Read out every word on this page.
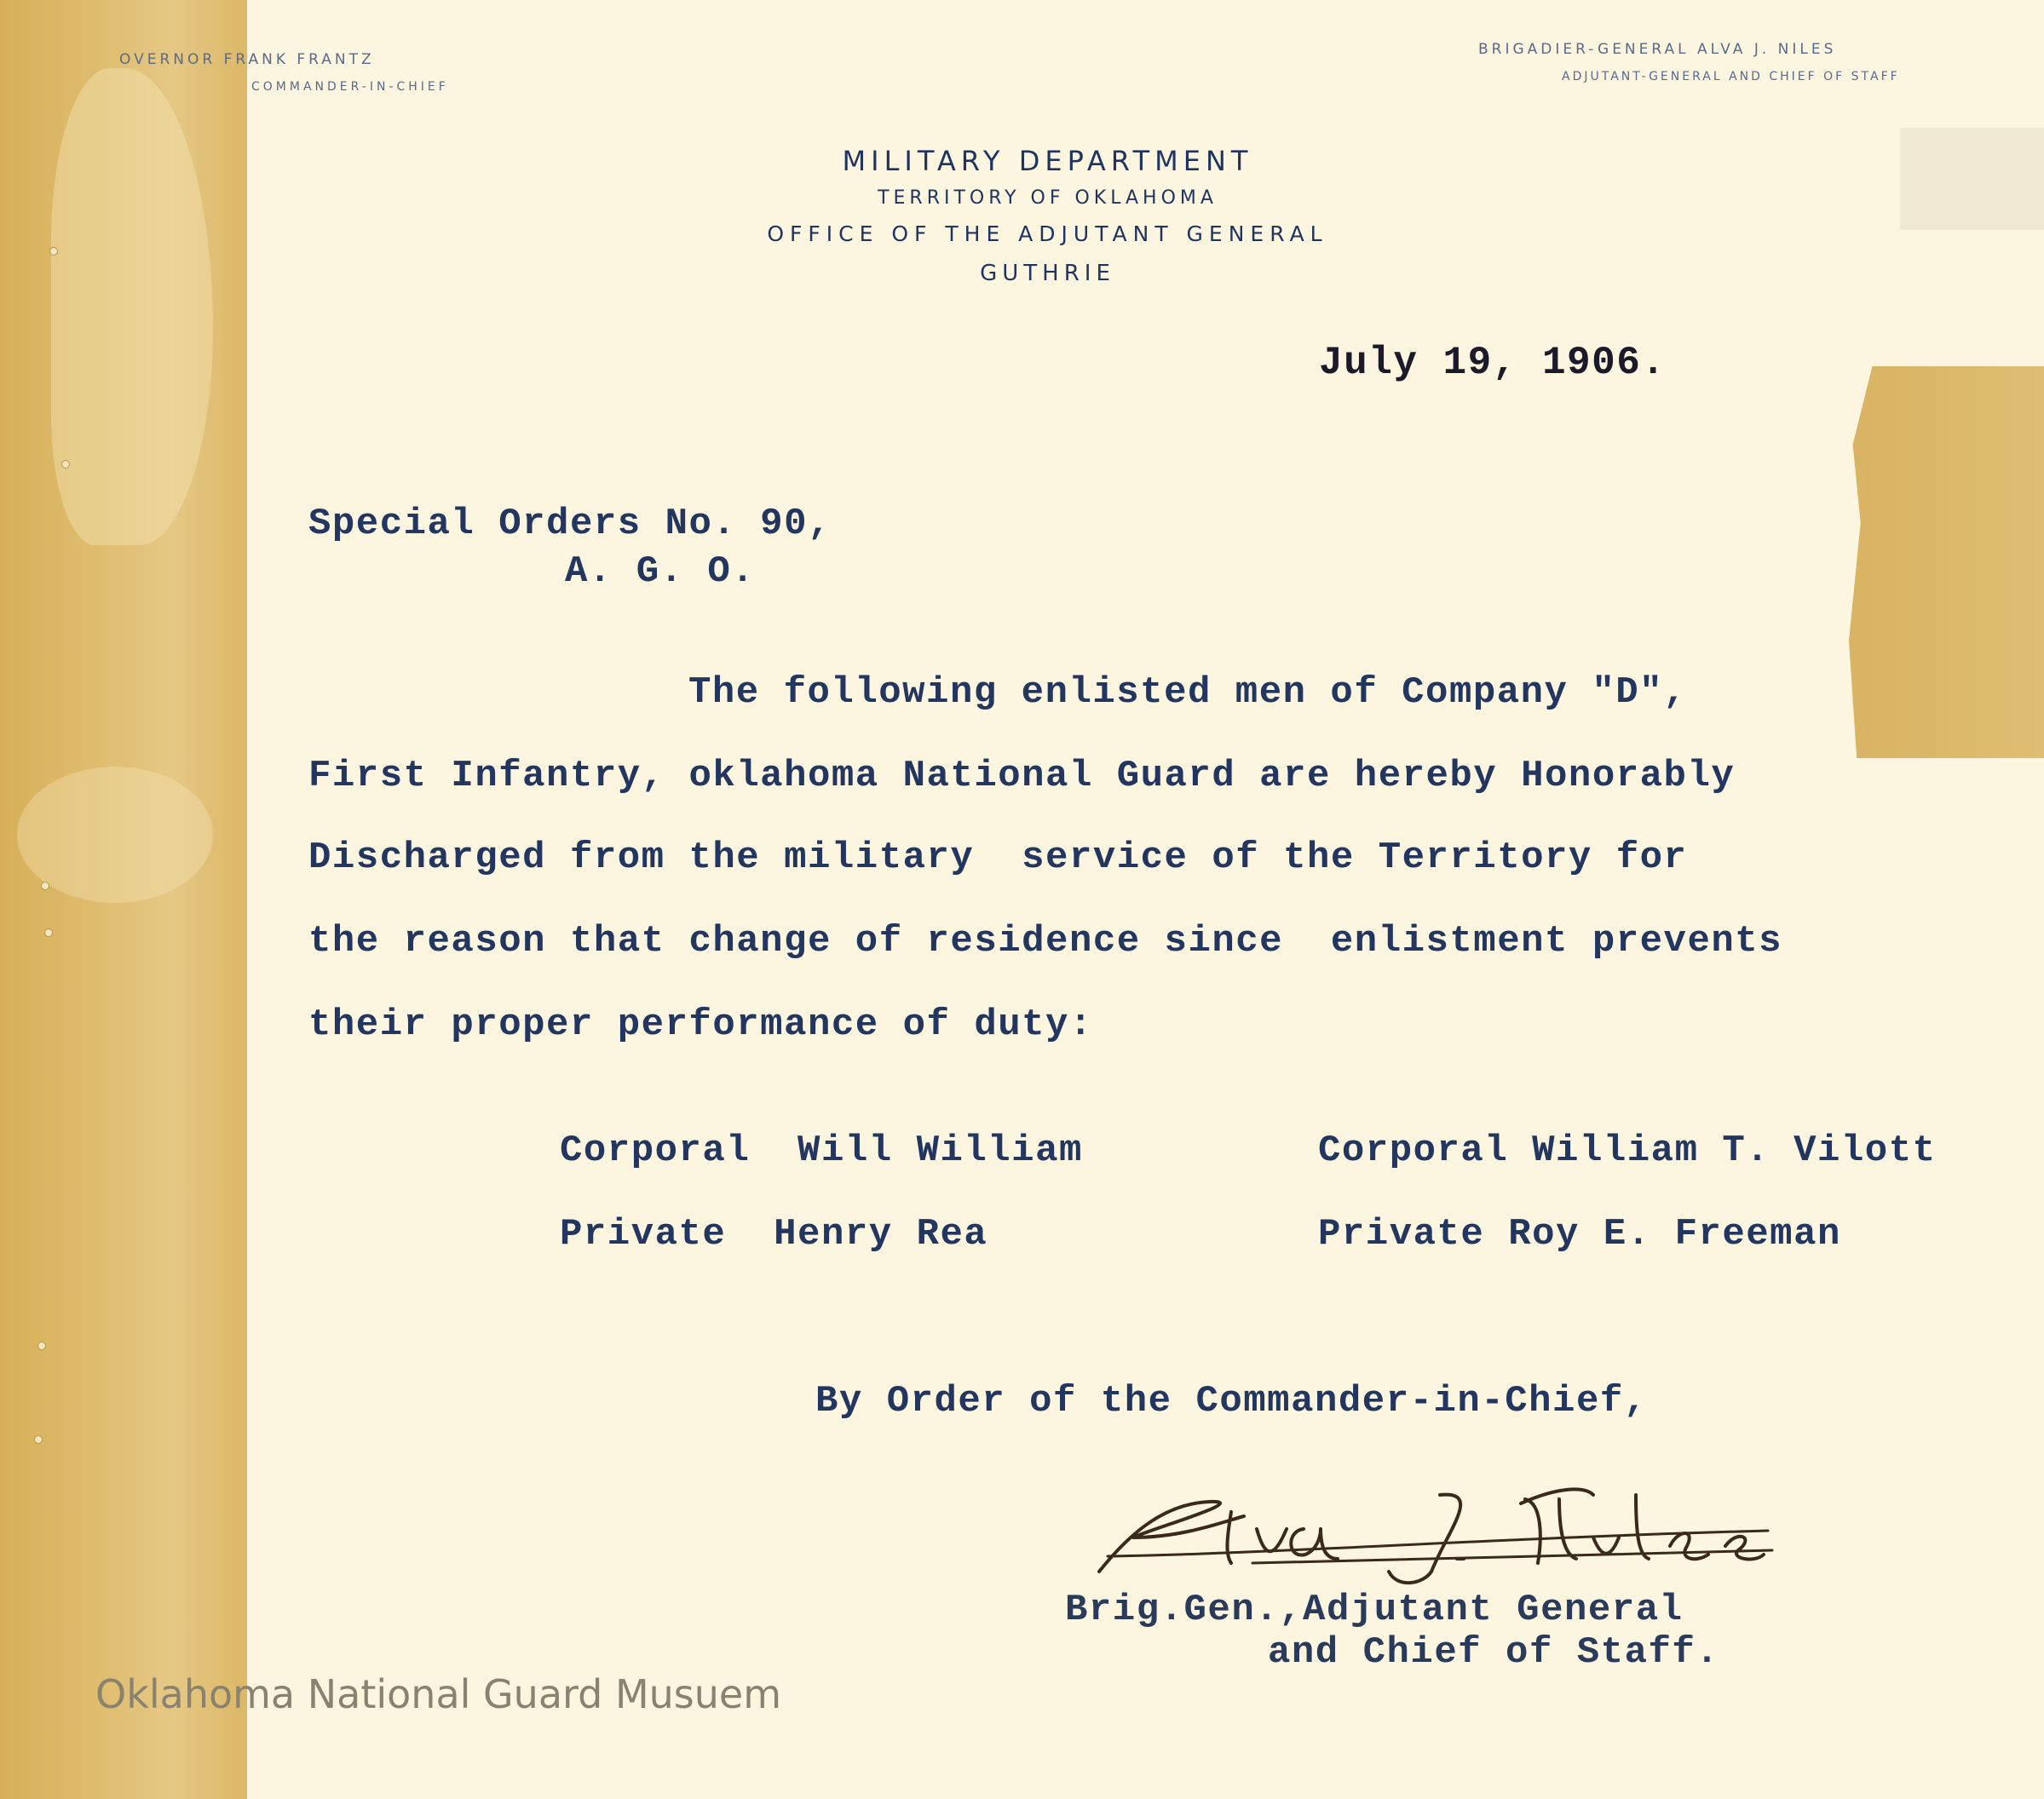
OVERNOR FRANK FRANTZ
COMMANDER-IN-CHIEF
BRIGADIER-GENERAL ALVA J. NILES
ADJUTANT-GENERAL AND CHIEF OF STAFF
MILITARY DEPARTMENT
TERRITORY OF OKLAHOMA
OFFICE OF THE ADJUTANT GENERAL
GUTHRIE
July 19, 1906.
Special Orders No. 90,
A. G. O.
The following enlisted men of Company "D",
First Infantry, oklahoma National Guard are hereby Honorably
Discharged from the military  service of the Territory for
the reason that change of residence since  enlistment prevents
their proper performance of duty:
Corporal  Will William
Private  Henry Rea
Corporal William T. Vilott
Private Roy E. Freeman
By Order of the Commander-in-Chief,
Brig.Gen.,Adjutant General
and Chief of Staff.
Oklahoma National Guard Musuem
